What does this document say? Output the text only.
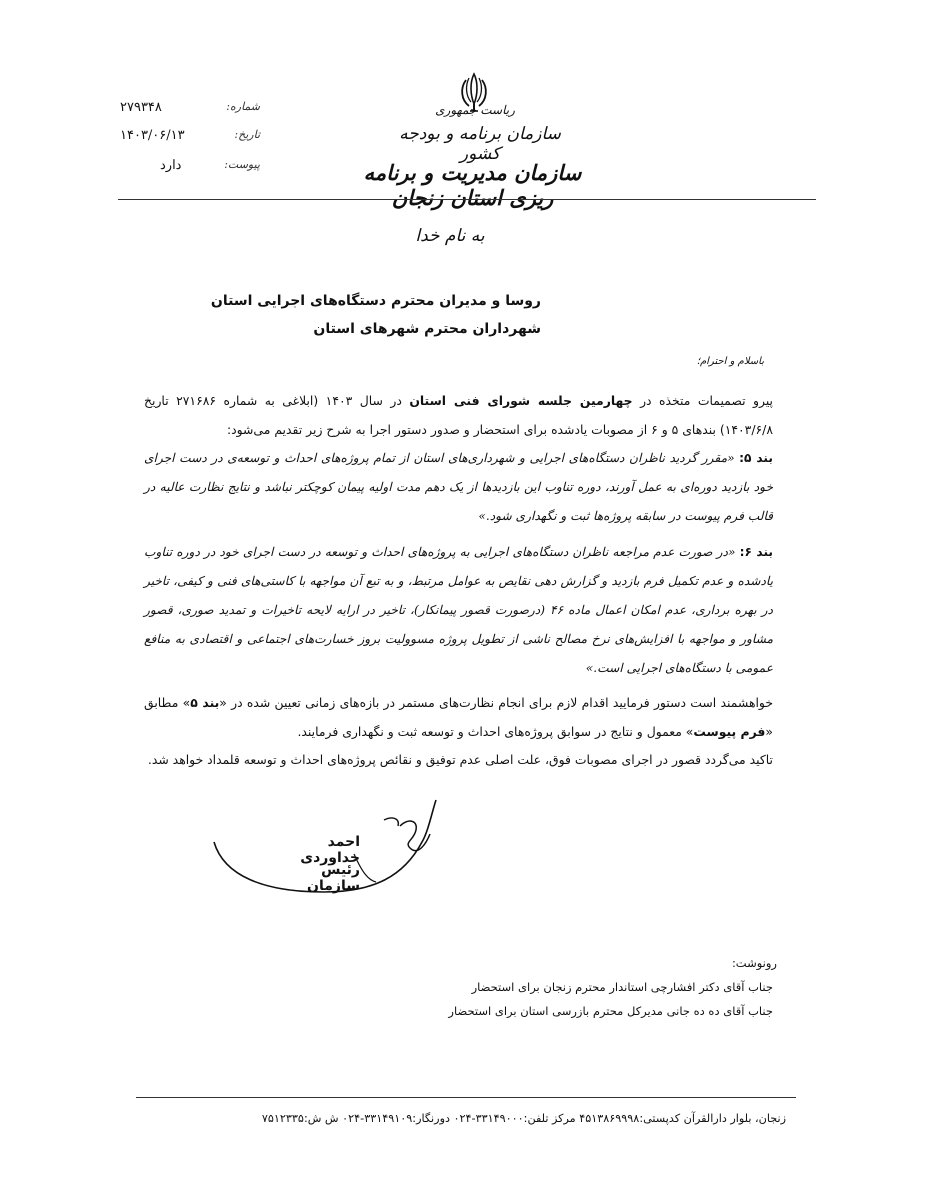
ریاست جمهوری
سازمان برنامه و بودجه کشور
سازمان مدیریت و برنامه ریزی استان زنجان
شماره:
۲۷۹۳۴۸
تاریخ:
۱۴۰۳/۰۶/۱۳
پیوست:
دارد
به نام خدا
روسا و مدیران محترم دستگاه‌های اجرایی استان
شهرداران محترم شهرهای استان
باسلام و احترام؛
پیرو تصمیمات متخذه در چهارمین جلسه شورای فنی استان در سال ۱۴۰۳ (ابلاغی به شماره ۲۷۱۶۸۶ تاریخ ۱۴۰۳/۶/۸) بندهای ۵ و ۶ از مصوبات یادشده برای استحضار و صدور دستور اجرا به شرح زیر تقدیم می‌شود:
بند ۵: «مقرر گردید ناظران دستگاه‌های اجرایی و شهرداری‌های استان از تمام پروژه‌های احداث و توسعه‌ی در دست اجرای خود بازدید دوره‌ای به عمل آورند، دوره تناوب این بازدیدها از یک دهم مدت اولیه پیمان کوچکتر نباشد و نتایج نظارت عالیه در قالب فرم پیوست در سابقه پروژه‌ها ثبت و نگهداری شود.»
بند ۶: «در صورت عدم مراجعه ناظران دستگاه‌های اجرایی به پروژه‌های احداث و توسعه در دست اجرای خود در دوره تناوب یادشده و عدم تکمیل فرم بازدید و گزارش دهی نقایص به عوامل مرتبط، و به تبع آن مواجهه با کاستی‌های فنی و کیفی، تاخیر در بهره برداری، عدم امکان اعمال ماده ۴۶ (درصورت قصور پیمانکار)، تاخیر در ارایه لایحه تاخیرات و تمدید صوری، قصور مشاور و مواجهه با افزایش‌های نرخ مصالح ناشی از تطویل پروژه مسوولیت بروز خسارت‌های اجتماعی و اقتصادی به منافع عمومی با دستگاه‌های اجرایی است.»
خواهشمند است دستور فرمایید اقدام لازم برای انجام نظارت‌های مستمر در بازه‌های زمانی تعیین شده در «بند ۵» مطابق «فرم پیوست» معمول و نتایج در سوابق پروژه‌های احداث و توسعه ثبت و نگهداری فرمایند.
تاکید می‌گردد قصور در اجرای مصوبات فوق، علت اصلی عدم توفیق و نقائص پروژه‌های احداث و توسعه قلمداد خواهد شد.
احمد خداوردی
رئیس سازمان
رونوشت:
جناب آقای دکتر افشارچی استاندار محترم زنجان برای استحضار
جناب آقای ده ده جانی مدیرکل محترم بازرسی استان برای استحضار
زنجان، بلوار دارالقرآن کدپستی:۴۵۱۳۸۶۹۹۹۸ مرکز تلفن:۳۳۱۴۹۰۰۰-۰۲۴ دورنگار:۳۳۱۴۹۱۰۹-۰۲۴ ش ش:۷۵۱۲۳۳۵
